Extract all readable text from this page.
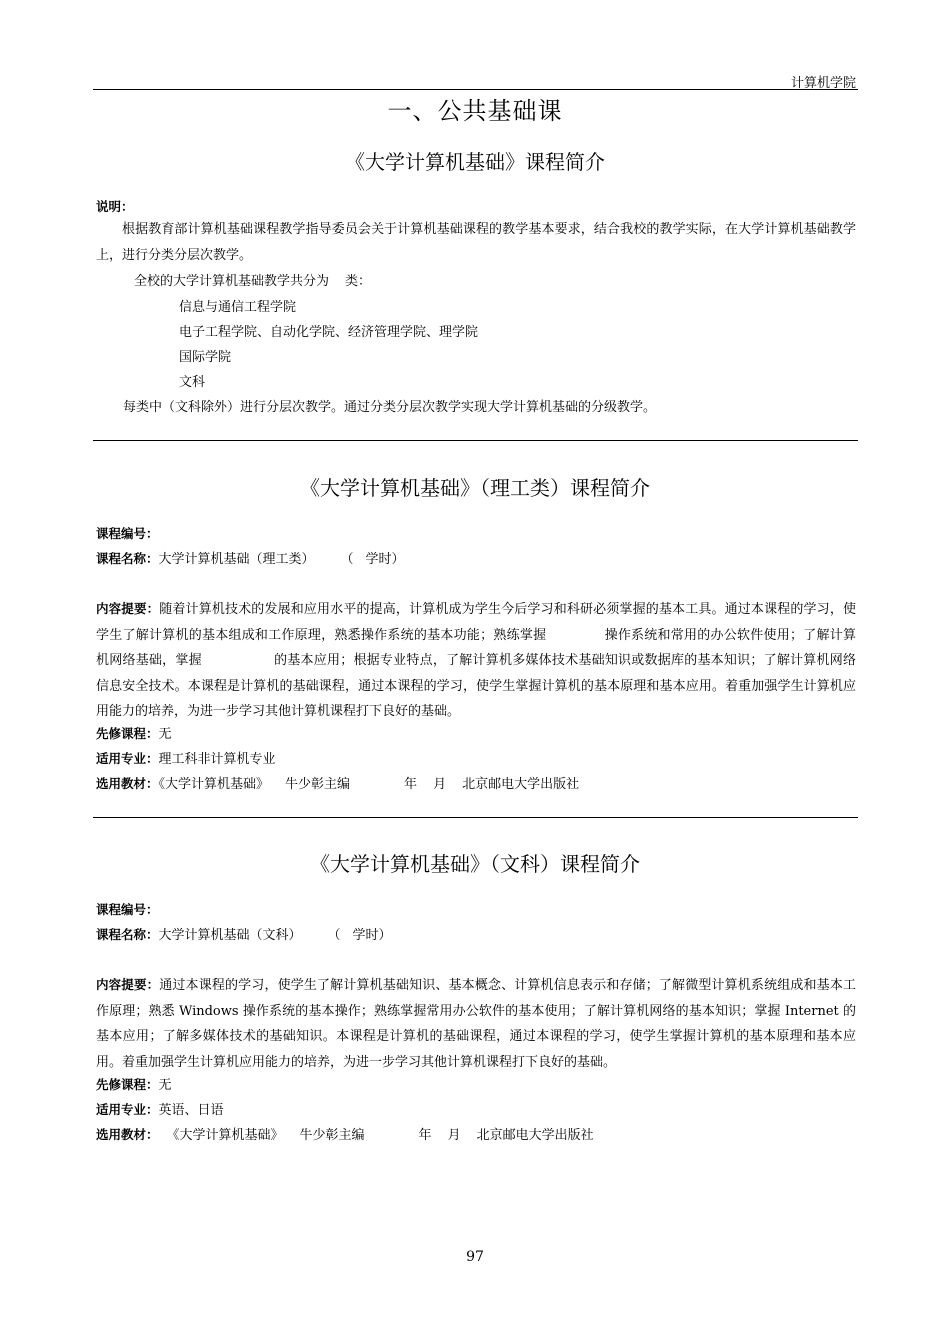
计算机学院
一、公共基础课
《大学计算机基础》课程简介
说明：
根据教育部计算机基础课程教学指导委员会关于计算机基础课程的教学基本要求，结合我校的教学实际，在大学计算机基础教学上，进行分类分层次教学。
全校的大学计算机基础教学共分为 类：
信息与通信工程学院
电子工程学院、自动化学院、经济管理学院、理学院
国际学院
文科
每类中（文科除外）进行分层次教学。通过分类分层次教学实现大学计算机基础的分级教学。
《大学计算机基础》（理工类）课程简介
课程编号：
课程名称：大学计算机基础（理工类） （ 学时）
内容提要：随着计算机技术的发展和应用水平的提高，计算机成为学生今后学习和科研必须掌握的基本工具。通过本课程的学习，使学生了解计算机的基本组成和工作原理，熟悉操作系统的基本功能；熟练掌握	操作系统和常用的办公软件使用；了解计算机网络基础，掌握	的基本应用；根据专业特点，了解计算机多媒体技术基础知识或数据库的基本知识；了解计算机网络信息安全技术。本课程是计算机的基础课程，通过本课程的学习，使学生掌握计算机的基本原理和基本应用。着重加强学生计算机应用能力的培养，为进一步学习其他计算机课程打下良好的基础。
先修课程：无
适用专业：理工科非计算机专业
选用教材：《大学计算机基础》 牛少彰主编	年 月 北京邮电大学出版社
《大学计算机基础》（文科）课程简介
课程编号：
课程名称：大学计算机基础（文科） （ 学时）
内容提要：通过本课程的学习，使学生了解计算机基础知识、基本概念、计算机信息表示和存储；了解微型计算机系统组成和基本工作原理；熟悉 Windows 操作系统的基本操作；熟练掌握常用办公软件的基本使用；了解计算机网络的基本知识；掌握 Internet 的基本应用；了解多媒体技术的基础知识。本课程是计算机的基础课程，通过本课程的学习，使学生掌握计算机的基本原理和基本应用。着重加强学生计算机应用能力的培养，为进一步学习其他计算机课程打下良好的基础。
先修课程：无
适用专业：英语、日语
选用教材： 《大学计算机基础》 牛少彰主编	年 月 北京邮电大学出版社
97
